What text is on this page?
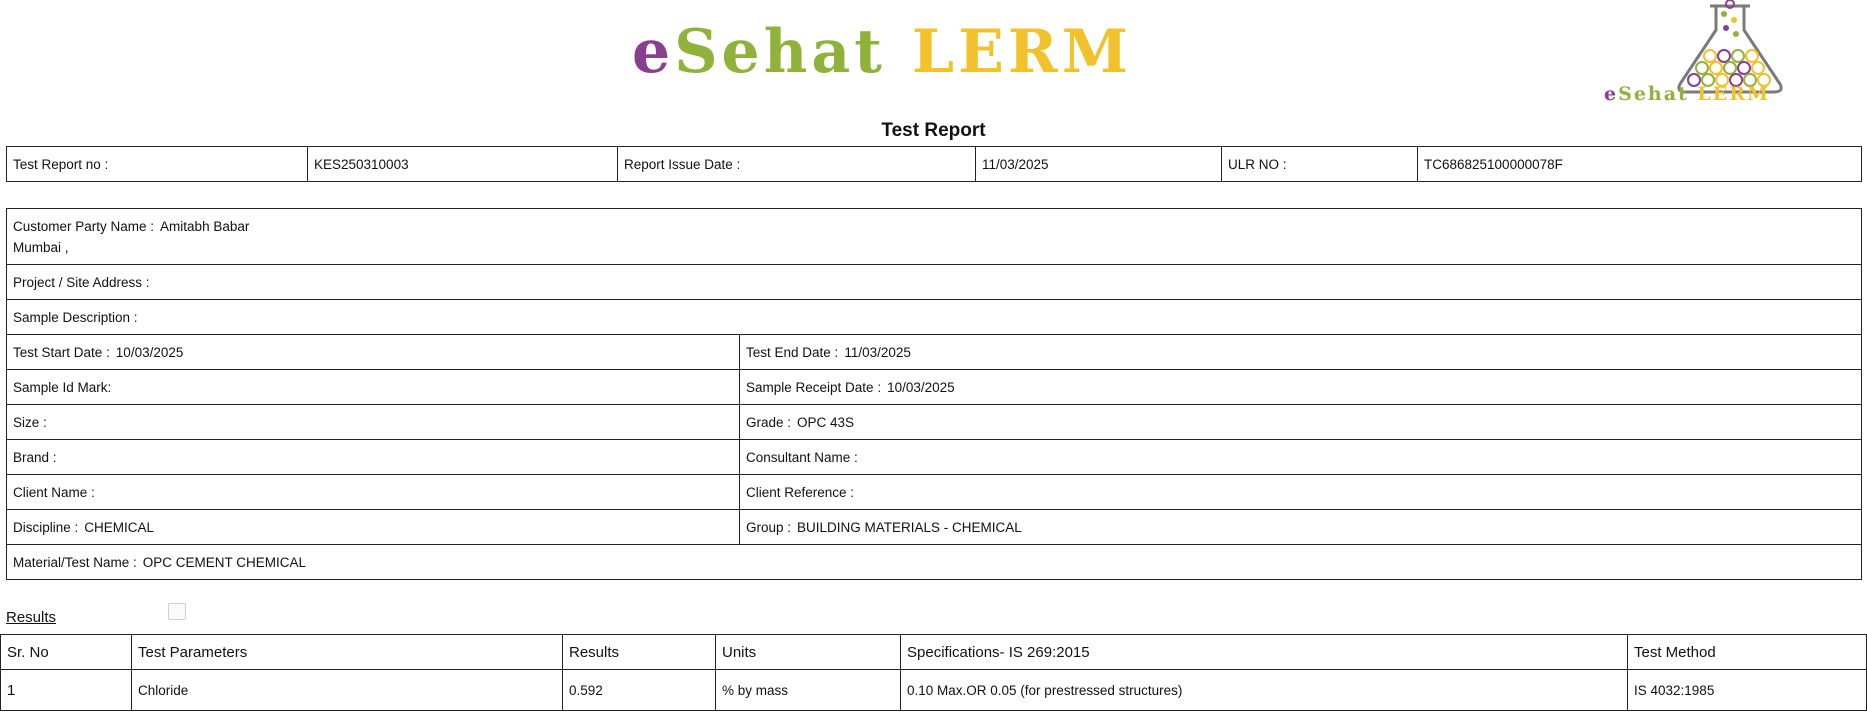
eSehat LERM
eSehat LERM
Test Report
Test Report no :	KES250310003	Report Issue Date :	11/03/2025	ULR NO :	TC686825100000078F
Customer Party Name : Amitabh Babar
Mumbai ,	
Project / Site Address :	
Sample Description :	
Test Start Date : 10/03/2025	Test End Date : 11/03/2025
Sample Id Mark:	Sample Receipt Date : 10/03/2025
Size :	Grade : OPC 43S
Brand :	Consultant Name :
Client Name :	Client Reference :
Discipline : CHEMICAL	Group : BUILDING MATERIALS - CHEMICAL
Material/Test Name : OPC CEMENT CHEMICAL	
Results
Sr. No	Test Parameters	Results	Units	Specifications- IS 269:2015	Test Method
1	Chloride	0.592	% by mass	0.10 Max.OR 0.05 (for prestressed structures)	IS 4032:1985
